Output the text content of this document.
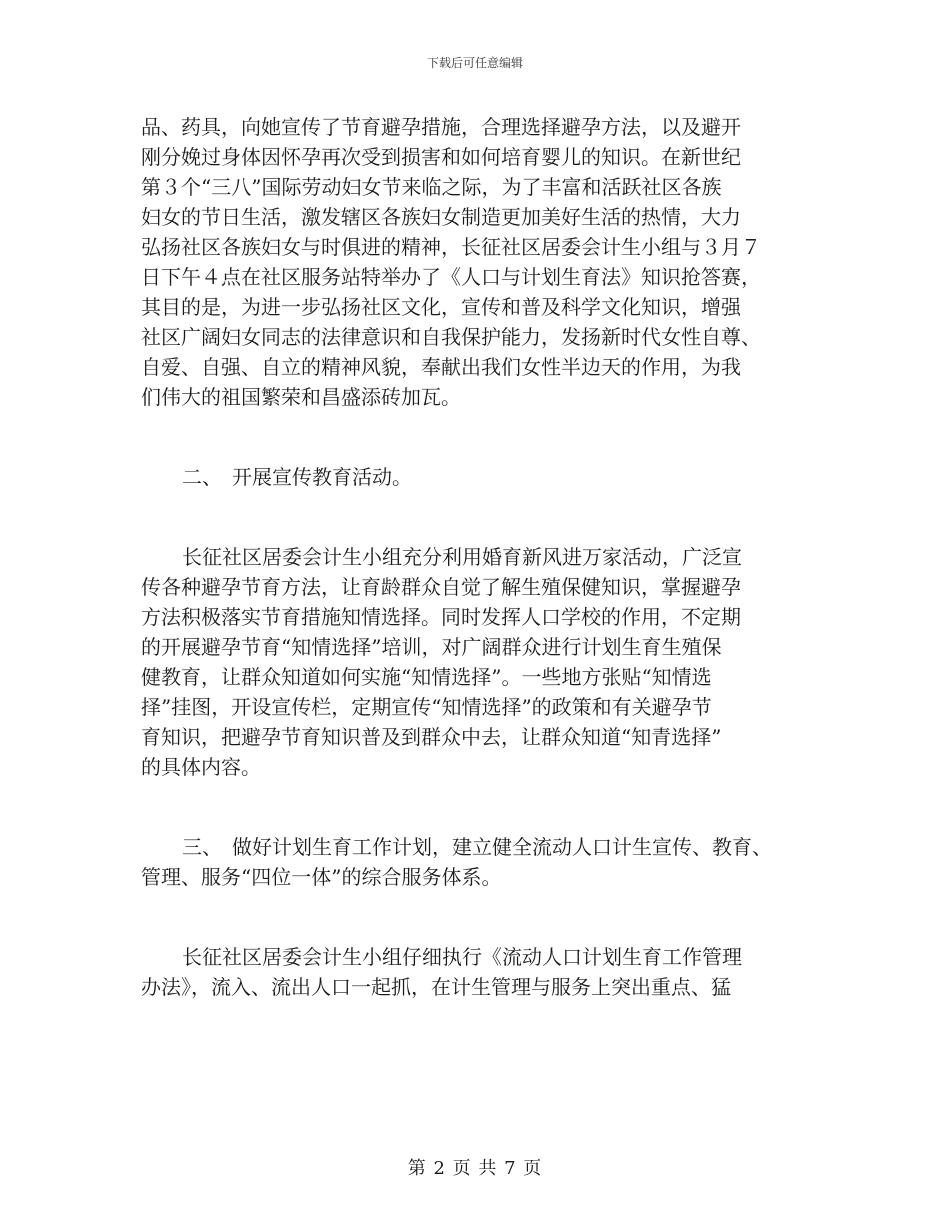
下载后可任意编辑
品、药具，向她宣传了节育避孕措施，合理选择避孕方法，以及避开
刚分娩过身体因怀孕再次受到损害和如何培育婴儿的知识。在新世纪
第３个“三八”国际劳动妇女节来临之际，为了丰富和活跃社区各族
妇女的节日生活，激发辖区各族妇女制造更加美好生活的热情，大力
弘扬社区各族妇女与时俱进的精神，长征社区居委会计生小组与３月７
日下午４点在社区服务站特举办了《人口与计划生育法》知识抢答赛，
其目的是，为进一步弘扬社区文化，宣传和普及科学文化知识，增强
社区广阔妇女同志的法律意识和自我保护能力，发扬新时代女性自尊、
自爱、自强、自立的精神风貌，奉献出我们女性半边天的作用，为我
们伟大的祖国繁荣和昌盛添砖加瓦。
二、　开展宣传教育活动。
长征社区居委会计生小组充分利用婚育新风进万家活动，广泛宣
传各种避孕节育方法，让育龄群众自觉了解生殖保健知识，掌握避孕
方法积极落实节育措施知情选择。同时发挥人口学校的作用，不定期
的开展避孕节育“知情选择”培训，对广阔群众进行计划生育生殖保
健教育，让群众知道如何实施“知情选择”。一些地方张贴“知情选
择”挂图，开设宣传栏，定期宣传“知情选择”的政策和有关避孕节
育知识，把避孕节育知识普及到群众中去，让群众知道“知青选择”
的具体内容。
三、　做好计划生育工作计划，建立健全流动人口计生宣传、教育、
管理、服务“四位一体”的综合服务体系。
长征社区居委会计生小组仔细执行《流动人口计划生育工作管理
办法》，流入、流出人口一起抓，在计生管理与服务上突出重点、猛
第 2 页 共 7 页
